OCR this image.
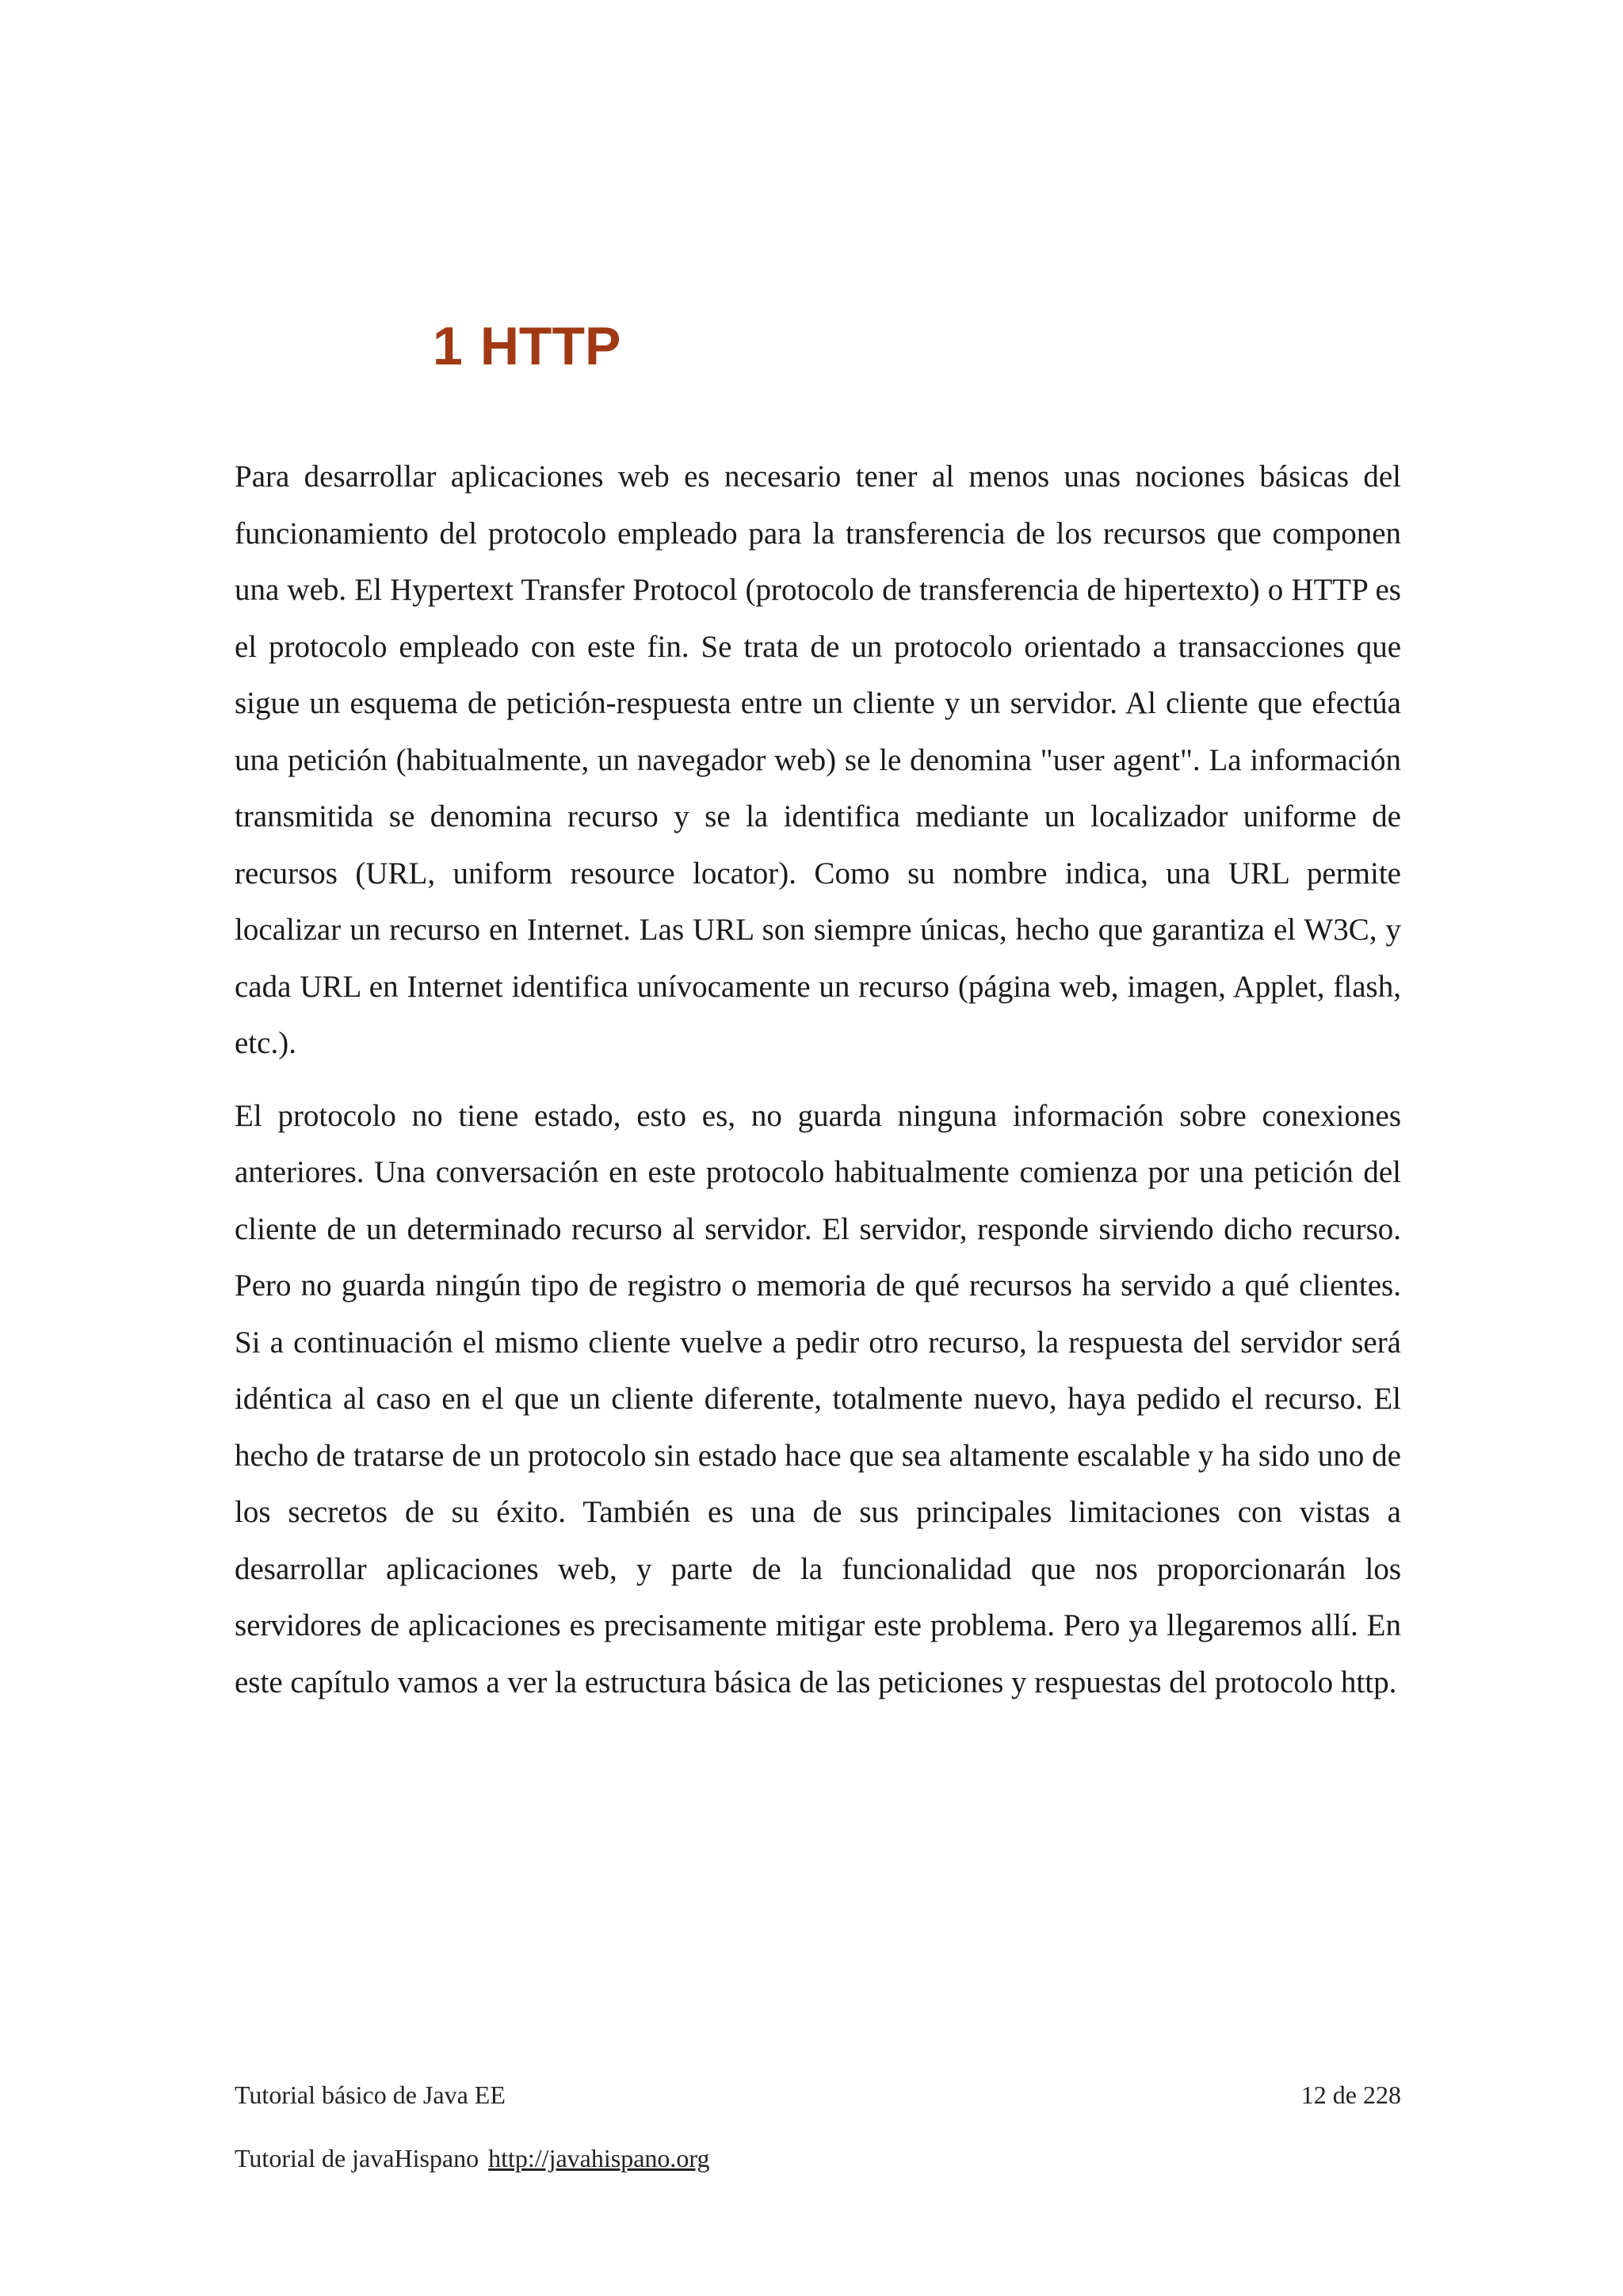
1 HTTP

Para desarrollar aplicaciones web es necesario tener al menos unas nociones básicas del funcionamiento del protocolo empleado para la transferencia de los recursos que componen una web. El Hypertext Transfer Protocol (protocolo de transferencia de hipertexto) o HTTP es el protocolo empleado con este fin. Se trata de un protocolo orientado a transacciones que sigue un esquema de petición-respuesta entre un cliente y un servidor. Al cliente que efectúa una petición (habitualmente, un navegador web) se le denomina "user agent". La información transmitida se denomina recurso y se la identifica mediante un localizador uniforme de recursos (URL, uniform resource locator). Como su nombre indica, una URL permite localizar un recurso en Internet. Las URL son siempre únicas, hecho que garantiza el W3C, y cada URL en Internet identifica unívocamente un recurso (página web, imagen, Applet, flash, etc.).

El protocolo no tiene estado, esto es, no guarda ninguna información sobre conexiones anteriores. Una conversación en este protocolo habitualmente comienza por una petición del cliente de un determinado recurso al servidor. El servidor, responde sirviendo dicho recurso. Pero no guarda ningún tipo de registro o memoria de qué recursos ha servido a qué clientes. Si a continuación el mismo cliente vuelve a pedir otro recurso, la respuesta del servidor será idéntica al caso en el que un cliente diferente, totalmente nuevo, haya pedido el recurso. El hecho de tratarse de un protocolo sin estado hace que sea altamente escalable y ha sido uno de los secretos de su éxito. También es una de sus principales limitaciones con vistas a desarrollar aplicaciones web, y parte de la funcionalidad que nos proporcionarán los servidores de aplicaciones es precisamente mitigar este problema. Pero ya llegaremos allí. En este capítulo vamos a ver la estructura básica de las peticiones y respuestas del protocolo http.

Tutorial básico de Java EE	12 de 228
Tutorial de javaHispano http://javahispano.org
